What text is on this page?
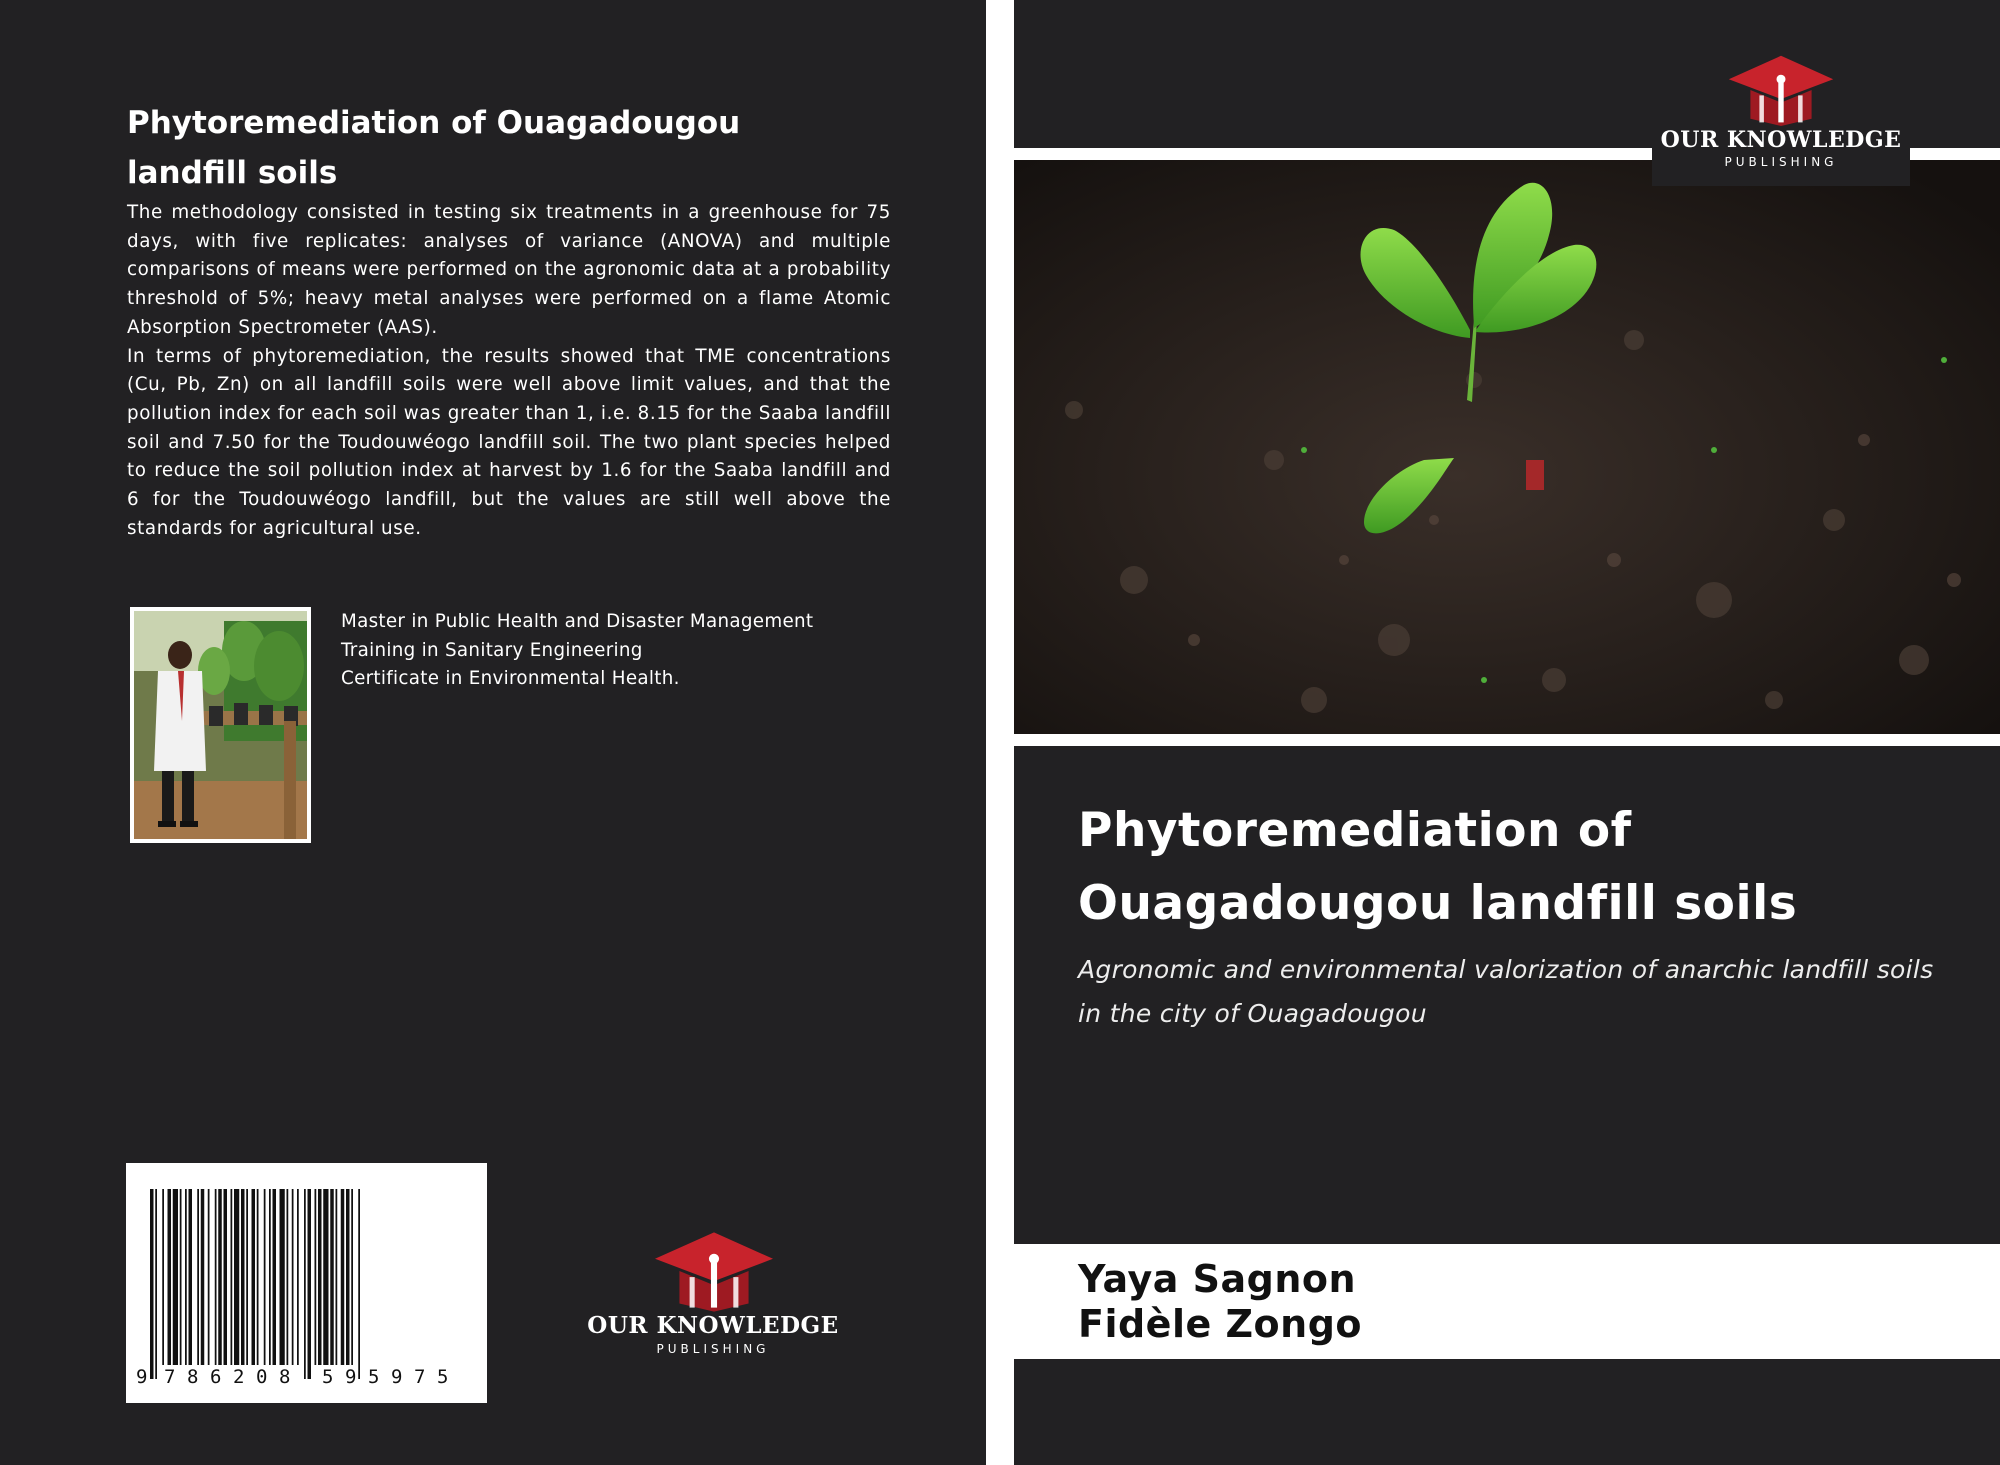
Phytoremediation of Ouagadougou landfill soils

The methodology consisted in testing six treatments in a greenhouse for 75 days, with five replicates: analyses of variance (ANOVA) and multiple comparisons of means were performed on the agronomic data at a probability threshold of 5%; heavy metal analyses were performed on a flame Atomic Absorption Spectrometer (AAS).

In terms of phytoremediation, the results showed that TME concentrations (Cu, Pb, Zn) on all landfill soils were well above limit values, and that the pollution index for each soil was greater than 1, i.e. 8.15 for the Saaba landfill soil and 7.50 for the Toudouwéogo landfill soil. The two plant species helped to reduce the soil pollution index at harvest by 1.6 for the Saaba landfill and 6 for the Toudouwéogo landfill, but the values are still well above the standards for agricultural use.

Master in Public Health and Disaster Management
Training in Sanitary Engineering
Certificate in Environmental Health.
9 7 8 6 2 0 8 5 9 5 9 7 5
OUR KNOWLEDGE
PUBLISHING
OUR KNOWLEDGE
PUBLISHING
Phytoremediation of
Ouagadougou landfill soils
Agronomic and environmental valorization of anarchic landfill soils in the city of Ouagadougou
Yaya Sagnon
Fidèle Zongo
